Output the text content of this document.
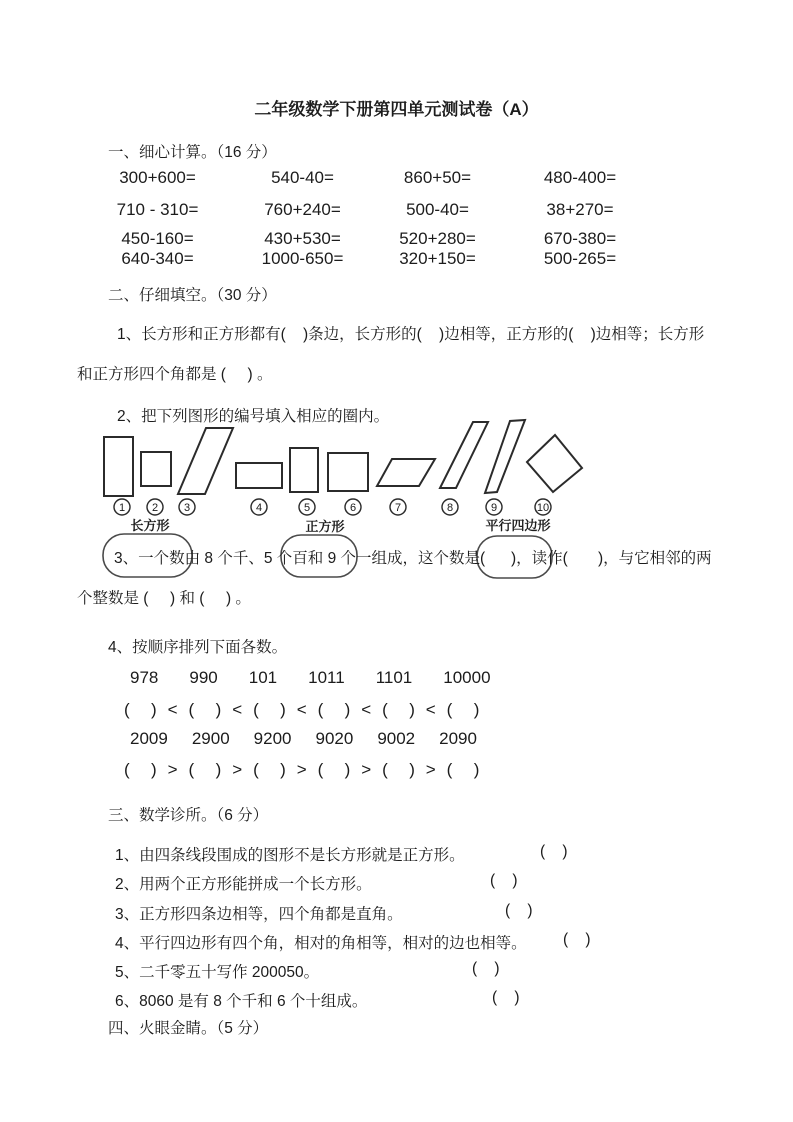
二年级数学下册第四单元测试卷（A）
一、细心计算。（16 分）
300+600=	540-40=	860+50=	480-400=
710 - 310=	760+240=	500-40=	38+270=
450-160=	430+530=	520+280=	670-380=
640-340=	1000-650=	320+150=	500-265=
二、仔细填空。（30 分）
1、长方形和正方形都有(    )条边，长方形的(    )边相等，正方形的(    )边相等；长方形
和正方形四个角都是 (     ) 。
2、把下列图形的编号填入相应的圈内。
1 2 3	4	5	6	7	8	9	10
长方形	正方形	平行四边形
3、一个数由 8 个千、5 个百和 9 个一组成，这个数是(      )，读作(       )，与它相邻的两
个整数是 (     ) 和 (     ) 。
4、按顺序排列下面各数。
978 990 101 1011 1101 10000
(    )  <  (    )  <  (    )  <  (    )  <  (    )  <  (    )
2009 2900 9200 9020 9002 2090
(    )  >  (    )  >  (    )  >  (    )  >  (    )  >  (    )
三、数学诊所。（6 分）
1、由四条线段围成的图形不是长方形就是正方形。	(    )
2、用两个正方形能拼成一个长方形。	(    )
3、正方形四条边相等，四个角都是直角。	(    )
4、平行四边形有四个角，相对的角相等，相对的边也相等。 (    )
5、二千零五十写作 200050。	(    )
6、8060 是有 8 个千和 6 个十组成。	(    )
四、火眼金睛。（5 分）
